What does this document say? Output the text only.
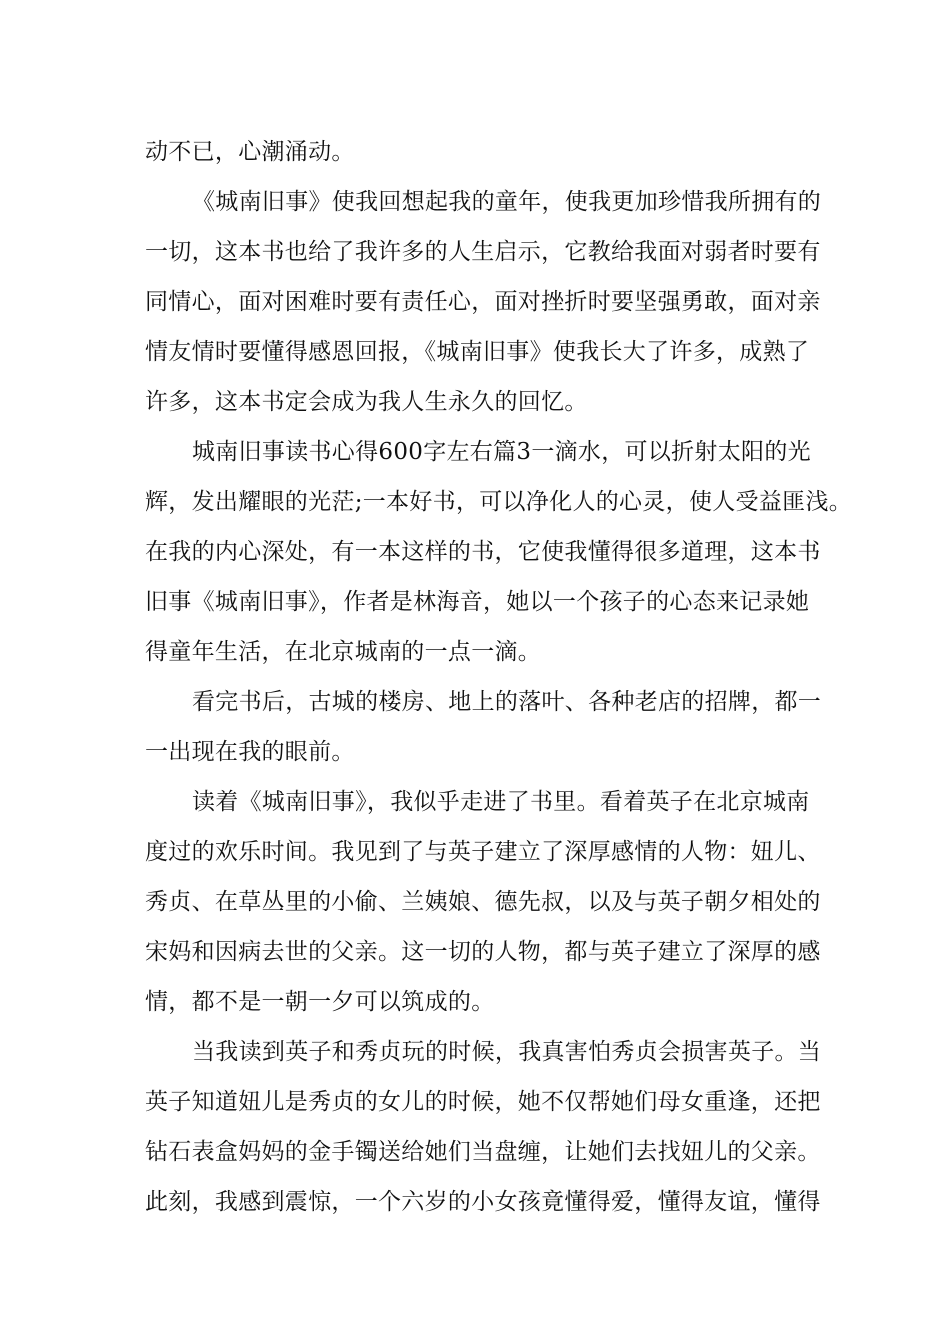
动不已，心潮涌动。
《城南旧事》使我回想起我的童年，使我更加珍惜我所拥有的
一切，这本书也给了我许多的人生启示，它教给我面对弱者时要有
同情心，面对困难时要有责任心，面对挫折时要坚强勇敢，面对亲
情友情时要懂得感恩回报，《城南旧事》使我长大了许多，成熟了
许多，这本书定会成为我人生永久的回忆。
城南旧事读书心得600字左右篇3一滴水，可以折射太阳的光
辉，发出耀眼的光茫;一本好书，可以净化人的心灵，使人受益匪浅。
在我的内心深处，有一本这样的书，它使我懂得很多道理，这本书
旧事《城南旧事》，作者是林海音，她以一个孩子的心态来记录她
得童年生活，在北京城南的一点一滴。
看完书后，古城的楼房、地上的落叶、各种老店的招牌，都一
一出现在我的眼前。
读着《城南旧事》，我似乎走进了书里。看着英子在北京城南
度过的欢乐时间。我见到了与英子建立了深厚感情的人物：妞儿、
秀贞、在草丛里的小偷、兰姨娘、德先叔，以及与英子朝夕相处的
宋妈和因病去世的父亲。这一切的人物，都与英子建立了深厚的感
情，都不是一朝一夕可以筑成的。
当我读到英子和秀贞玩的时候，我真害怕秀贞会损害英子。当
英子知道妞儿是秀贞的女儿的时候，她不仅帮她们母女重逢，还把
钻石表盒妈妈的金手镯送给她们当盘缠，让她们去找妞儿的父亲。
此刻，我感到震惊，一个六岁的小女孩竟懂得爱，懂得友谊，懂得
